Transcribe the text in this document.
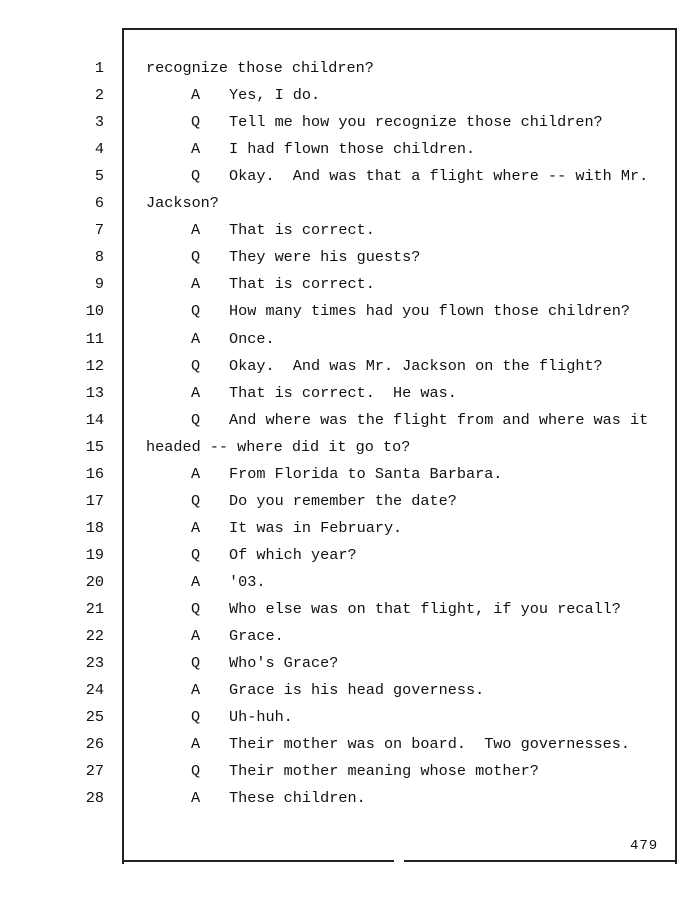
1	recognize those children?
2	A Yes, I do.
3	Q Tell me how you recognize those children?
4	A I had flown those children.
5	Q Okay.  And was that a flight where -- with Mr.
6	Jackson?
7	A That is correct.
8	Q They were his guests?
9	A That is correct.
10	Q How many times had you flown those children?
11	A Once.
12	Q Okay.  And was Mr. Jackson on the flight?
13	A That is correct.  He was.
14	Q And where was the flight from and where was it
15	headed -- where did it go to?
16	A From Florida to Santa Barbara.
17	Q Do you remember the date?
18	A It was in February.
19	Q Of which year?
20	A '03.
21	Q Who else was on that flight, if you recall?
22	A Grace.
23	Q Who's Grace?
24	A Grace is his head governess.
25	Q Uh-huh.
26	A Their mother was on board.  Two governesses.
27	Q Their mother meaning whose mother?
28	A These children.
479
